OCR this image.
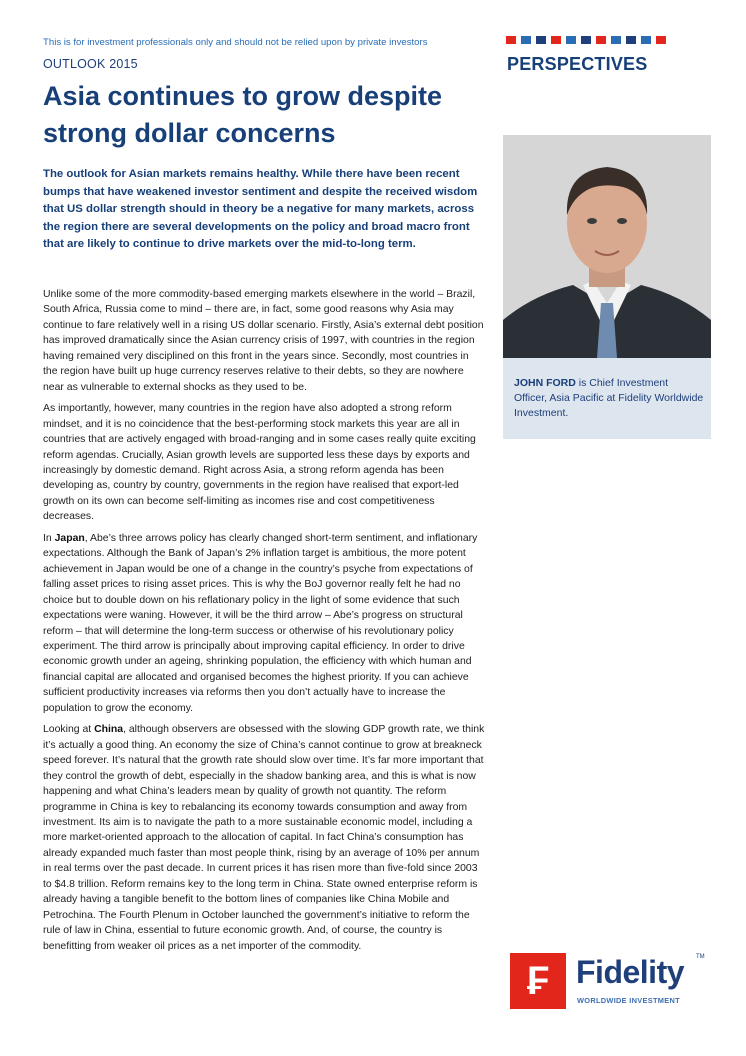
This is for investment professionals only and should not be relied upon by private investors
OUTLOOK 2015
Asia continues to grow despite strong dollar concerns
PERSPECTIVES

The outlook for Asian markets remains healthy. While there have been recent bumps that have weakened investor sentiment and despite the received wisdom that US dollar strength should in theory be a negative for many markets, across the region there are several developments on the policy and broad macro front that are likely to continue to drive markets over the mid-to-long term.

Unlike some of the more commodity-based emerging markets elsewhere in the world – Brazil, South Africa, Russia come to mind – there are, in fact, some good reasons why Asia may continue to fare relatively well in a rising US dollar scenario. Firstly, Asia’s external debt position has improved dramatically since the Asian currency crisis of 1997, with countries in the region having remained very disciplined on this front in the years since. Secondly, most countries in the region have built up huge currency reserves relative to their debts, so they are nowhere near as vulnerable to external shocks as they used to be.

As importantly, however, many countries in the region have also adopted a strong reform mindset, and it is no coincidence that the best-performing stock markets this year are all in countries that are actively engaged with broad-ranging and in some cases really quite exciting reform agendas. Crucially, Asian growth levels are supported less these days by exports and increasingly by domestic demand. Right across Asia, a strong reform agenda has been developing as, country by country, governments in the region have realised that export-led growth on its own can become self-limiting as incomes rise and cost competitiveness decreases.

In Japan, Abe’s three arrows policy has clearly changed short-term sentiment, and inflationary expectations. Although the Bank of Japan’s 2% inflation target is ambitious, the more potent achievement in Japan would be one of a change in the country’s psyche from expectations of falling asset prices to rising asset prices. This is why the BoJ governor really felt he had no choice but to double down on his reflationary policy in the light of some evidence that such expectations were waning. However, it will be the third arrow – Abe’s progress on structural reform – that will determine the long-term success or otherwise of his revolutionary policy experiment. The third arrow is principally about improving capital efficiency. In order to drive economic growth under an ageing, shrinking population, the efficiency with which human and financial capital are allocated and organised becomes the highest priority. If you can achieve sufficient productivity increases via reforms then you don’t actually have to increase the population to grow the economy.

Looking at China, although observers are obsessed with the slowing GDP growth rate, we think it’s actually a good thing. An economy the size of China’s cannot continue to grow at breakneck speed forever. It’s natural that the growth rate should slow over time. It’s far more important that they control the growth of debt, especially in the shadow banking area, and this is what is now happening and what China’s leaders mean by quality of growth not quantity. The reform programme in China is key to rebalancing its economy towards consumption and away from investment. Its aim is to navigate the path to a more sustainable economic model, including a more market-oriented approach to the allocation of capital. In fact China’s consumption has already expanded much faster than most people think, rising by an average of 10% per annum in real terms over the past decade. In current prices it has risen more than five-fold since 2003 to $4.8 trillion. Reform remains key to the long term in China. State owned enterprise reform is already having a tangible benefit to the bottom lines of companies like China Mobile and Petrochina. The Fourth Plenum in October launched the government’s initiative to reform the rule of law in China, essential to future economic growth. And, of course, the country is benefitting from weaker oil prices as a net importer of the commodity.

JOHN FORD is Chief Investment Officer, Asia Pacific at Fidelity Worldwide Investment.

₣ Fidelity TM
WORLDWIDE INVESTMENT
